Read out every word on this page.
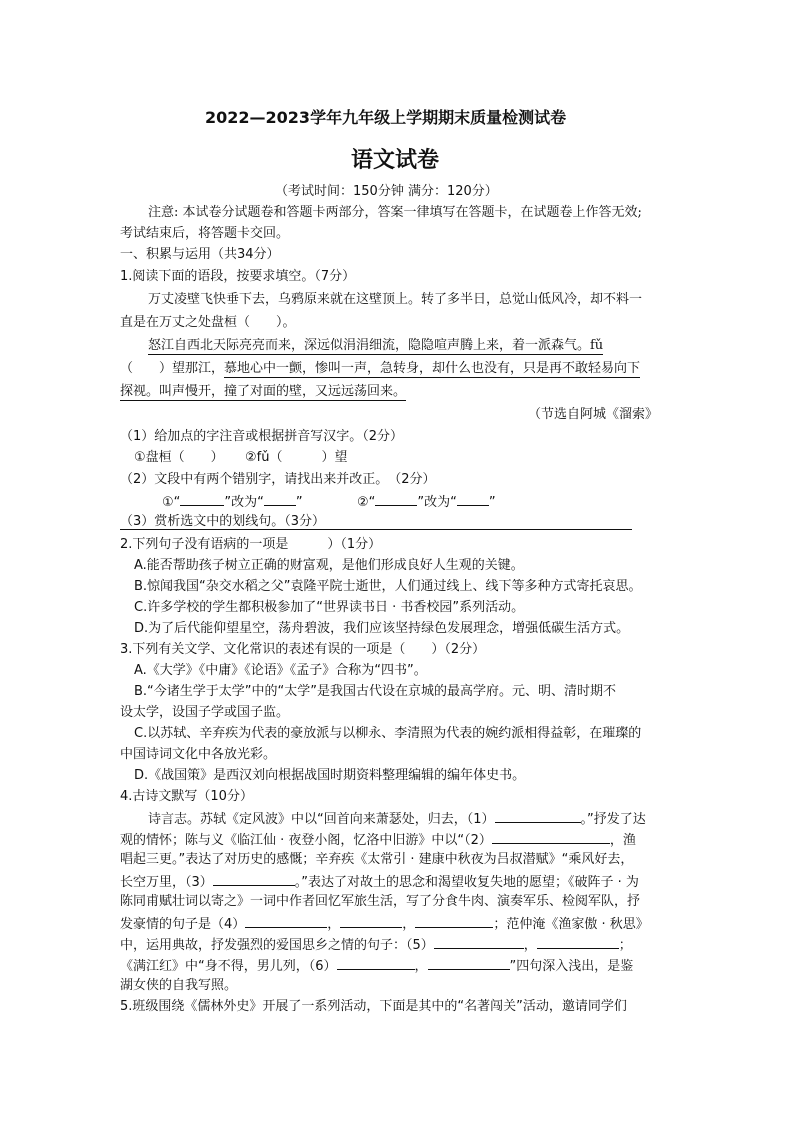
2022—2023学年九年级上学期期末质量检测试卷
语文试卷
（考试时间：150分钟 满分：120分）
注意: 本试卷分试题卷和答题卡两部分，答案一律填写在答题卡，在试题卷上作答无效;
考试结束后，将答题卡交回。
一、积累与运用（共34分）
1.阅读下面的语段，按要求填空。（7分）
万丈凌壁飞快垂下去，乌鸦原来就在这壁顶上。转了多半日，总觉山低风冷，却不料一
直是在万丈之处盘桓（　　）。
怒江自西北天际亮亮而来，深远似涓涓细流，隐隐喧声腾上来，着一派森气。fǔ
（　　）望那江，慕地心中一颤，惨叫一声，急转身，却什么也没有，只是再不敢轻易向下
探视。叫声慢开，撞了对面的壁，又远远荡回来。
（节选自阿城《溜索》
（1）给加点的字注音或根据拼音写汉字。（2分）
①盘桓（　　） ②fǔ（　　　）望
（2）文段中有两个错别字，请找出来并改正。　（2分）
①“	”改为“ ”	②“	”改为“ ”
（3）赏析选文中的划线句。（3分）
2.下列句子没有语病的一项是　　　）（1分）
A.能否帮助孩子树立正确的财富观，是他们形成良好人生观的关键。
B.惊闻我国“杂交水稻之父”袁隆平院士逝世，人们通过线上、线下等多种方式寄托哀思。
C.许多学校的学生都积极参加了“世界读书日 · 书香校园”系列活动。
D.为了后代能仰望星空，荡舟碧波，我们应该坚持绿色发展理念，增强低碳生活方式。
3.下列有关文学、文化常识的表述有误的一项是（　　）（2分）
A.《大学》《中庸》《论语》《孟子》合称为“四书”。
B.“今诸生学于太学”中的“太学”是我国古代设在京城的最高学府。元、明、清时期不
设太学，设国子学或国子监。
C.以苏轼、辛弃疾为代表的豪放派与以柳永、李清照为代表的婉约派相得益彰，在璀璨的
中国诗词文化中各放光彩。
D.《战国策》是西汉刘向根据战国时期资料整理编辑的编年体史书。
4.古诗文默写（10分）
诗言志。苏轼《定风波》中以“回首向来萧瑟处，归去，（1）	。”抒发了达
观的情怀；陈与义《临江仙 · 夜登小阁，忆洛中旧游》中以“（2）	，渔
唱起三更。”表达了对历史的感慨；辛弃疾《太常引 · 建康中秋夜为吕叔潜赋》“乘风好去，
长空万里，（3）	。”表达了对故土的思念和渴望收复失地的愿望；《破阵子 · 为
陈同甫赋壮词以寄之》一词中作者回忆军旅生活，写了分食牛肉、演奏军乐、检阅军队，抒
发豪情的句子是（4）	，	，	；范仲淹《渔家傲 · 秋思》
中，运用典故，抒发强烈的爱国思乡之情的句子：（5）	，	；
《满江红》中“身不得，男儿列，（6）	，	”四句深入浅出，是鉴
湖女侠的自我写照。
5.班级围绕《儒林外史》开展了一系列活动，下面是其中的“名著闯关”活动，邀请同学们
